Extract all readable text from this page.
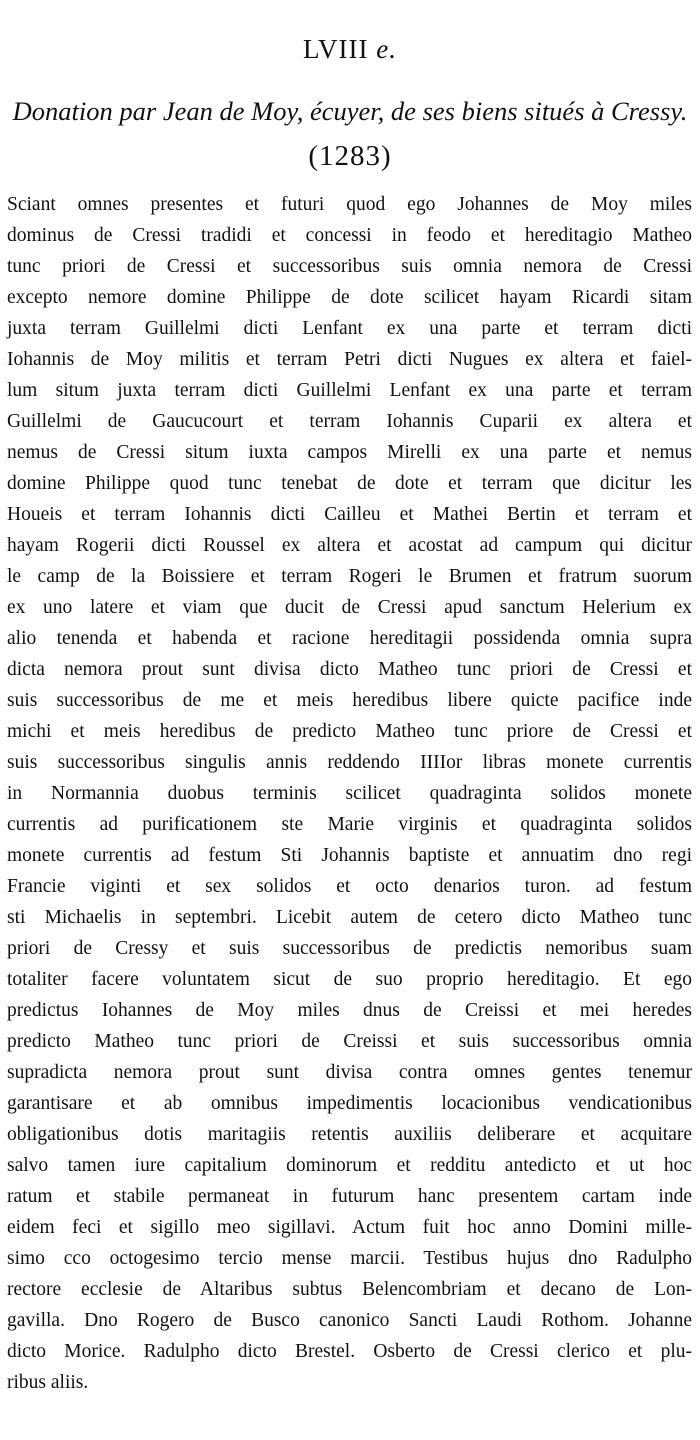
LVIII e.
Donation par Jean de Moy, écuyer, de ses biens situés à Cressy.
(1283)
Sciant omnes presentes et futuri quod ego Johannes de Moy miles
dominus de Cressi tradidi et concessi in feodo et hereditagio Matheo
tunc priori de Cressi et successoribus suis omnia nemora de Cressi
excepto nemore domine Philippe de dote scilicet hayam Ricardi sitam
juxta terram Guillelmi dicti Lenfant ex una parte et terram dicti
Iohannis de Moy militis et terram Petri dicti Nugues ex altera et faiel-
lum situm juxta terram dicti Guillelmi Lenfant ex una parte et terram
Guillelmi de Gaucucourt et terram Iohannis Cuparii ex altera et
nemus de Cressi situm iuxta campos Mirelli ex una parte et nemus
domine Philippe quod tunc tenebat de dote et terram que dicitur les
Houeis et terram Iohannis dicti Cailleu et Mathei Bertin et terram et
hayam Rogerii dicti Roussel ex altera et acostat ad campum qui dicitur
le camp de la Boissiere et terram Rogeri le Brumen et fratrum suorum
ex uno latere et viam que ducit de Cressi apud sanctum Helerium ex
alio tenenda et habenda et racione hereditagii possidenda omnia supra
dicta nemora prout sunt divisa dicto Matheo tunc priori de Cressi et
suis successoribus de me et meis heredibus libere quicte pacifice inde
michi et meis heredibus de predicto Matheo tunc priore de Cressi et
suis successoribus singulis annis reddendo IIIIor libras monete currentis
in Normannia duobus terminis scilicet quadraginta solidos monete
currentis ad purificationem ste Marie virginis et quadraginta solidos
monete currentis ad festum Sti Johannis baptiste et annuatim dno regi
Francie viginti et sex solidos et octo denarios turon. ad festum
sti Michaelis in septembri. Licebit autem de cetero dicto Matheo tunc
priori de Cressy et suis successoribus de predictis nemoribus suam
totaliter facere voluntatem sicut de suo proprio hereditagio. Et ego
predictus Iohannes de Moy miles dnus de Creissi et mei heredes
predicto Matheo tunc priori de Creissi et suis successoribus omnia
supradicta nemora prout sunt divisa contra omnes gentes tenemur
garantisare et ab omnibus impedimentis locacionibus vendicationibus
obligationibus dotis maritagiis retentis auxiliis deliberare et acquitare
salvo tamen iure capitalium dominorum et redditu antedicto et ut hoc
ratum et stabile permaneat in futurum hanc presentem cartam inde
eidem feci et sigillo meo sigillavi. Actum fuit hoc anno Domini mille-
simo cco octogesimo tercio mense marcii. Testibus hujus dno Radulpho
rectore ecclesie de Altaribus subtus Belencombriam et decano de Lon-
gavilla. Dno Rogero de Busco canonico Sancti Laudi Rothom. Johanne
dicto Morice. Radulpho dicto Brestel. Osberto de Cressi clerico et plu-
ribus aliis.
